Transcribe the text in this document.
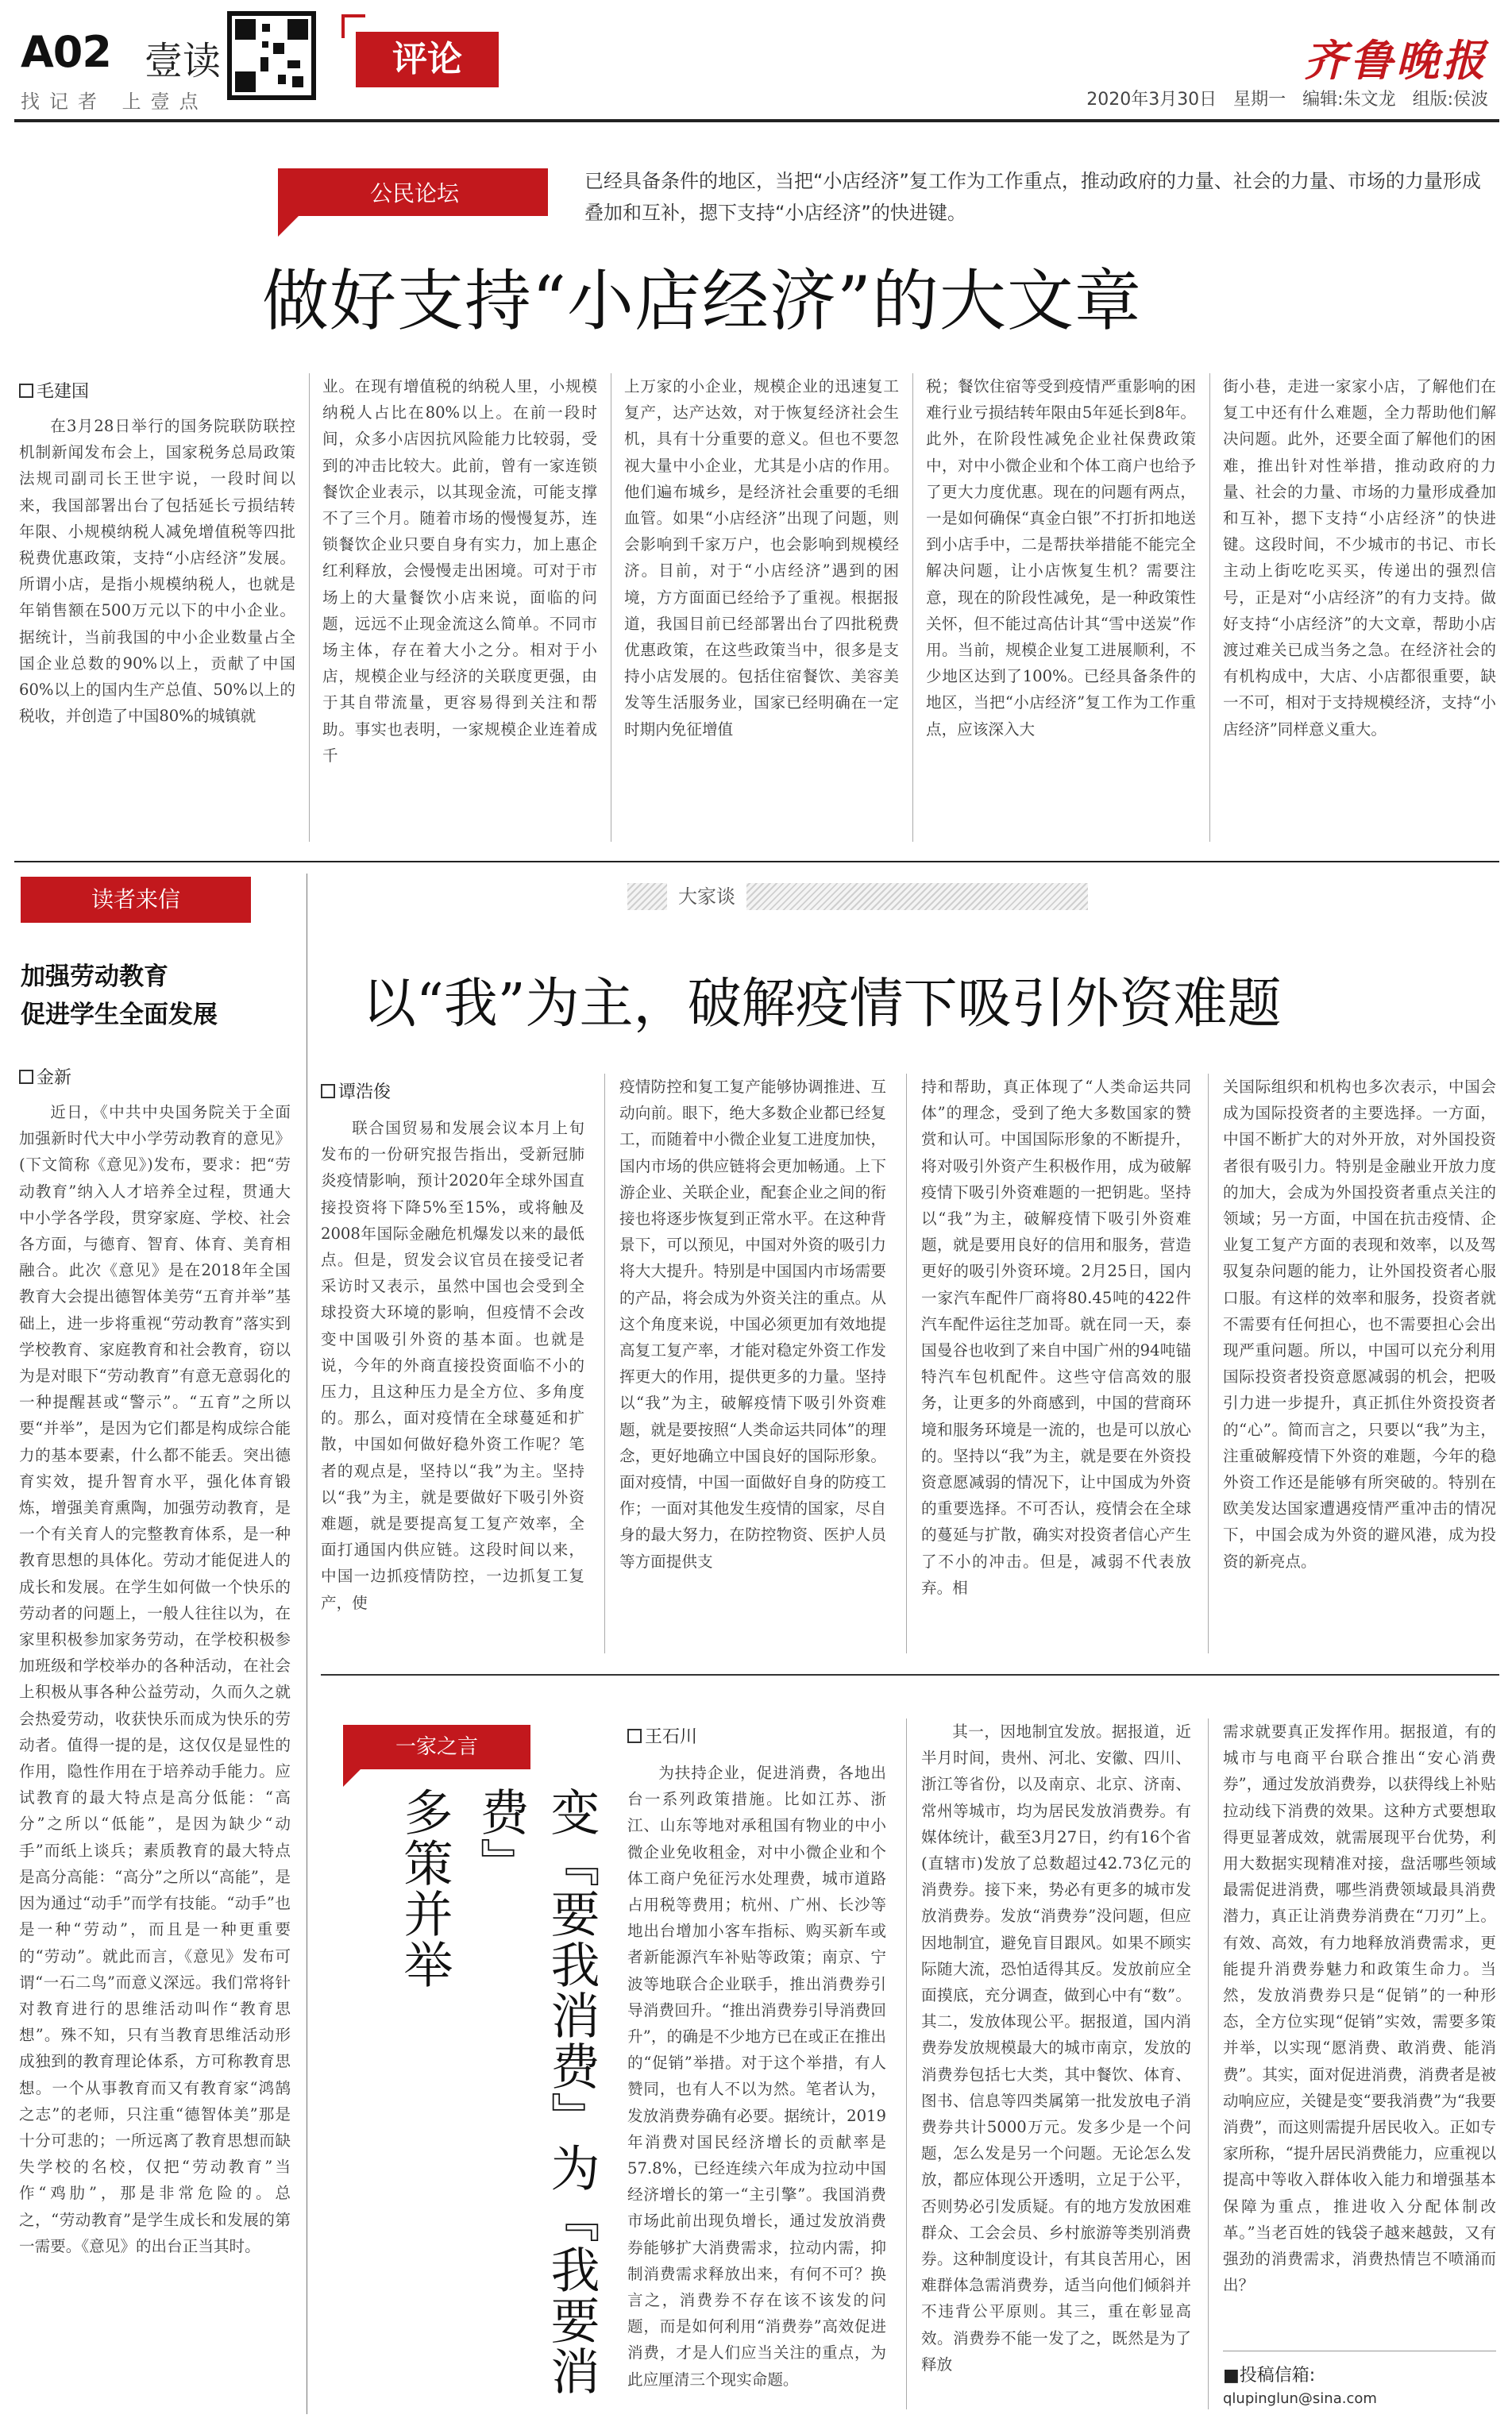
A02 壹读
找记者 上壹点
评论	齐鲁晚报
2020年3月30日 星期一 编辑:朱文龙 组版:侯波
公民论坛	已经具备条件的地区，当把“小店经济”复工作为工作重点，推动政府的力量、社会的力量、市场的力量形成叠加和互补，摁下支持“小店经济”的快进键。
做好支持“小店经济”的大文章
毛建国

在3月28日举行的国务院联防联控机制新闻发布会上，国家税务总局政策法规司副司长王世宇说，一段时间以来，我国部署出台了包括延长亏损结转年限、小规模纳税人减免增值税等四批税费优惠政策，支持“小店经济”发展。所谓小店，是指小规模纳税人，也就是年销售额在500万元以下的中小企业。据统计，当前我国的中小企业数量占全国企业总数的90%以上，贡献了中国60%以上的国内生产总值、50%以上的税收，并创造了中国80%的城镇就

业。在现有增值税的纳税人里，小规模纳税人占比在80%以上。在前一段时间，众多小店因抗风险能力比较弱，受到的冲击比较大。此前，曾有一家连锁餐饮企业表示，以其现金流，可能支撑不了三个月。随着市场的慢慢复苏，连锁餐饮企业只要自身有实力，加上惠企红利释放，会慢慢走出困境。可对于市场上的大量餐饮小店来说，面临的问题，远远不止现金流这么简单。不同市场主体，存在着大小之分。相对于小店，规模企业与经济的关联度更强，由于其自带流量，更容易得到关注和帮助。事实也表明，一家规模企业连着成千

上万家的小企业，规模企业的迅速复工复产，达产达效，对于恢复经济社会生机，具有十分重要的意义。但也不要忽视大量中小企业，尤其是小店的作用。他们遍布城乡，是经济社会重要的毛细血管。如果“小店经济”出现了问题，则会影响到千家万户，也会影响到规模经济。目前，对于“小店经济”遇到的困境，方方面面已经给予了重视。根据报道，我国目前已经部署出台了四批税费优惠政策，在这些政策当中，很多是支持小店发展的。包括住宿餐饮、美容美发等生活服务业，国家已经明确在一定时期内免征增值

税；餐饮住宿等受到疫情严重影响的困难行业亏损结转年限由5年延长到8年。此外，在阶段性减免企业社保费政策中，对中小微企业和个体工商户也给予了更大力度优惠。现在的问题有两点，一是如何确保“真金白银”不打折扣地送到小店手中，二是帮扶举措能不能完全解决问题，让小店恢复生机？需要注意，现在的阶段性减免，是一种政策性关怀，但不能过高估计其“雪中送炭”作用。当前，规模企业复工进展顺利，不少地区达到了100%。已经具备条件的地区，当把“小店经济”复工作为工作重点，应该深入大

街小巷，走进一家家小店，了解他们在复工中还有什么难题，全力帮助他们解决问题。此外，还要全面了解他们的困难，推出针对性举措，推动政府的力量、社会的力量、市场的力量形成叠加和互补，摁下支持“小店经济”的快进键。这段时间，不少城市的书记、市长主动上街吃吃买买，传递出的强烈信号，正是对“小店经济”的有力支持。做好支持“小店经济”的大文章，帮助小店渡过难关已成当务之急。在经济社会的有机构成中，大店、小店都很重要，缺一不可，相对于支持规模经济，支持“小店经济”同样意义重大。

读者来信
加强劳动教育
促进学生全面发展
金新

近日，《中共中央国务院关于全面加强新时代大中小学劳动教育的意见》(下文简称《意见》)发布，要求：把“劳动教育”纳入人才培养全过程，贯通大中小学各学段，贯穿家庭、学校、社会各方面，与德育、智育、体育、美育相融合。此次《意见》是在2018年全国教育大会提出德智体美劳“五育并举”基础上，进一步将重视“劳动教育”落实到学校教育、家庭教育和社会教育，窃以为是对眼下“劳动教育”有意无意弱化的一种提醒甚或“警示”。“五育”之所以要“并举”，是因为它们都是构成综合能力的基本要素，什么都不能丢。突出德育实效，提升智育水平，强化体育锻炼，增强美育熏陶，加强劳动教育，是一个有关育人的完整教育体系，是一种教育思想的具体化。劳动才能促进人的成长和发展。在学生如何做一个快乐的劳动者的问题上，一般人往往以为，在家里积极参加家务劳动，在学校积极参加班级和学校举办的各种活动，在社会上积极从事各种公益劳动，久而久之就会热爱劳动，收获快乐而成为快乐的劳动者。值得一提的是，这仅仅是显性的作用，隐性作用在于培养动手能力。应试教育的最大特点是高分低能：“高分”之所以“低能”，是因为缺少“动手”而纸上谈兵；素质教育的最大特点是高分高能：“高分”之所以“高能”，是因为通过“动手”而学有技能。“动手”也是一种“劳动”，而且是一种更重要的“劳动”。就此而言，《意见》发布可谓“一石二鸟”而意义深远。我们常将针对教育进行的思维活动叫作“教育思想”。殊不知，只有当教育思维活动形成独到的教育理论体系，方可称教育思想。一个从事教育而又有教育家“鸿鹄之志”的老师，只注重“德智体美”那是十分可悲的；一所远离了教育思想而缺失学校的名校，仅把“劳动教育”当作“鸡肋”，那是非常危险的。总之，“劳动教育”是学生成长和发展的第一需要。《意见》的出台正当其时。

大家谈
以“我”为主，破解疫情下吸引外资难题
谭浩俊

联合国贸易和发展会议本月上旬发布的一份研究报告指出，受新冠肺炎疫情影响，预计2020年全球外国直接投资将下降5%至15%，或将触及2008年国际金融危机爆发以来的最低点。但是，贸发会议官员在接受记者采访时又表示，虽然中国也会受到全球投资大环境的影响，但疫情不会改变中国吸引外资的基本面。也就是说，今年的外商直接投资面临不小的压力，且这种压力是全方位、多角度的。那么，面对疫情在全球蔓延和扩散，中国如何做好稳外资工作呢？笔者的观点是，坚持以“我”为主。坚持以“我”为主，就是要做好下吸引外资难题，就是要提高复工复产效率，全面打通国内供应链。这段时间以来，中国一边抓疫情防控，一边抓复工复产，使

疫情防控和复工复产能够协调推进、互动向前。眼下，绝大多数企业都已经复工，而随着中小微企业复工进度加快，国内市场的供应链将会更加畅通。上下游企业、关联企业，配套企业之间的衔接也将逐步恢复到正常水平。在这种背景下，可以预见，中国对外资的吸引力将大大提升。特别是中国国内市场需要的产品，将会成为外资关注的重点。从这个角度来说，中国必须更加有效地提高复工复产率，才能对稳定外资工作发挥更大的作用，提供更多的力量。坚持以“我”为主，破解疫情下吸引外资难题，就是要按照“人类命运共同体”的理念，更好地确立中国良好的国际形象。面对疫情，中国一面做好自身的防疫工作；一面对其他发生疫情的国家，尽自身的最大努力，在防控物资、医护人员等方面提供支

持和帮助，真正体现了“人类命运共同体”的理念，受到了绝大多数国家的赞赏和认可。中国国际形象的不断提升，将对吸引外资产生积极作用，成为破解疫情下吸引外资难题的一把钥匙。坚持以“我”为主，破解疫情下吸引外资难题，就是要用良好的信用和服务，营造更好的吸引外资环境。2月25日，国内一家汽车配件厂商将80.45吨的422件汽车配件运往芝加哥。就在同一天，泰国曼谷也收到了来自中国广州的94吨锚特汽车包机配件。这些守信高效的服务，让更多的外商感到，中国的营商环境和服务环境是一流的，也是可以放心的。坚持以“我”为主，就是要在外资投资意愿减弱的情况下，让中国成为外资的重要选择。不可否认，疫情会在全球的蔓延与扩散，确实对投资者信心产生了不小的冲击。但是，减弱不代表放弃。相

关国际组织和机构也多次表示，中国会成为国际投资者的主要选择。一方面，中国不断扩大的对外开放，对外国投资者很有吸引力。特别是金融业开放力度的加大，会成为外国投资者重点关注的领域；另一方面，中国在抗击疫情、企业复工复产方面的表现和效率，以及驾驭复杂问题的能力，让外国投资者心服口服。有这样的效率和服务，投资者就不需要有任何担心，也不需要担心会出现严重问题。所以，中国可以充分利用国际投资者投资意愿减弱的机会，把吸引力进一步提升，真正抓住外资投资者的“心”。简而言之，只要以“我”为主，注重破解疫情下外资的难题，今年的稳外资工作还是能够有所突破的。特别在欧美发达国家遭遇疫情严重冲击的情况下，中国会成为外资的避风港，成为投资的新亮点。

一家之言
变『要我消费』为『我要消费』
多策并举
王石川

为扶持企业，促进消费，各地出台一系列政策措施。比如江苏、浙江、山东等地对承租国有物业的中小微企业免收租金，对中小微企业和个体工商户免征污水处理费，城市道路占用税等费用；杭州、广州、长沙等地出台增加小客车指标、购买新车或者新能源汽车补贴等政策；南京、宁波等地联合企业联手，推出消费券引导消费回升。“推出消费券引导消费回升”，的确是不少地方已在或正在推出的“促销”举措。对于这个举措，有人赞同，也有人不以为然。笔者认为，发放消费券确有必要。据统计，2019年消费对国民经济增长的贡献率是57.8%，已经连续六年成为拉动中国经济增长的第一“主引擎”。我国消费市场此前出现负增长，通过发放消费券能够扩大消费需求，拉动内需，抑制消费需求释放出来，有何不可？换言之，消费券不存在该不该发的问题，而是如何利用“消费券”高效促进消费，才是人们应当关注的重点，为此应厘清三个现实命题。

其一，因地制宜发放。据报道，近半月时间，贵州、河北、安徽、四川、浙江等省份，以及南京、北京、济南、常州等城市，均为居民发放消费券。有媒体统计，截至3月27日，约有16个省(直辖市)发放了总数超过42.73亿元的消费券。接下来，势必有更多的城市发放消费券。发放“消费券”没问题，但应因地制宜，避免盲目跟风。如果不顾实际随大流，恐怕适得其反。发放前应全面摸底，充分调查，做到心中有“数”。其二，发放体现公平。据报道，国内消费券发放规模最大的城市南京，发放的消费券包括七大类，其中餐饮、体育、图书、信息等四类属第一批发放电子消费券共计5000万元。发多少是一个问题，怎么发是另一个问题。无论怎么发放，都应体现公开透明，立足于公平，否则势必引发质疑。有的地方发放困难群众、工会会员、乡村旅游等类别消费券。这种制度设计，有其良苦用心，困难群体急需消费券，适当向他们倾斜并不违背公平原则。其三，重在彰显高效。消费券不能一发了之，既然是为了释放

需求就要真正发挥作用。据报道，有的城市与电商平台联合推出“安心消费券”，通过发放消费券，以获得线上补贴拉动线下消费的效果。这种方式要想取得更显著成效，就需展现平台优势，利用大数据实现精准对接，盘活哪些领域最需促进消费，哪些消费领域最具消费潜力，真正让消费券消费在“刀刃”上。有效、高效，有力地释放消费需求，更能提升消费券魅力和政策生命力。当然，发放消费券只是“促销”的一种形态，全方位实现“促销”实效，需要多策并举，以实现“愿消费、敢消费、能消费”。其实，面对促进消费，消费者是被动响应应，关键是变“要我消费”为“我要消费”，而这则需提升居民收入。正如专家所称，“提升居民消费能力，应重视以提高中等收入群体收入能力和增强基本保障为重点，推进收入分配体制改革。”当老百姓的钱袋子越来越鼓，又有强劲的消费需求，消费热情岂不喷涌而出？

■投稿信箱:
qlupinglun@sina.com
